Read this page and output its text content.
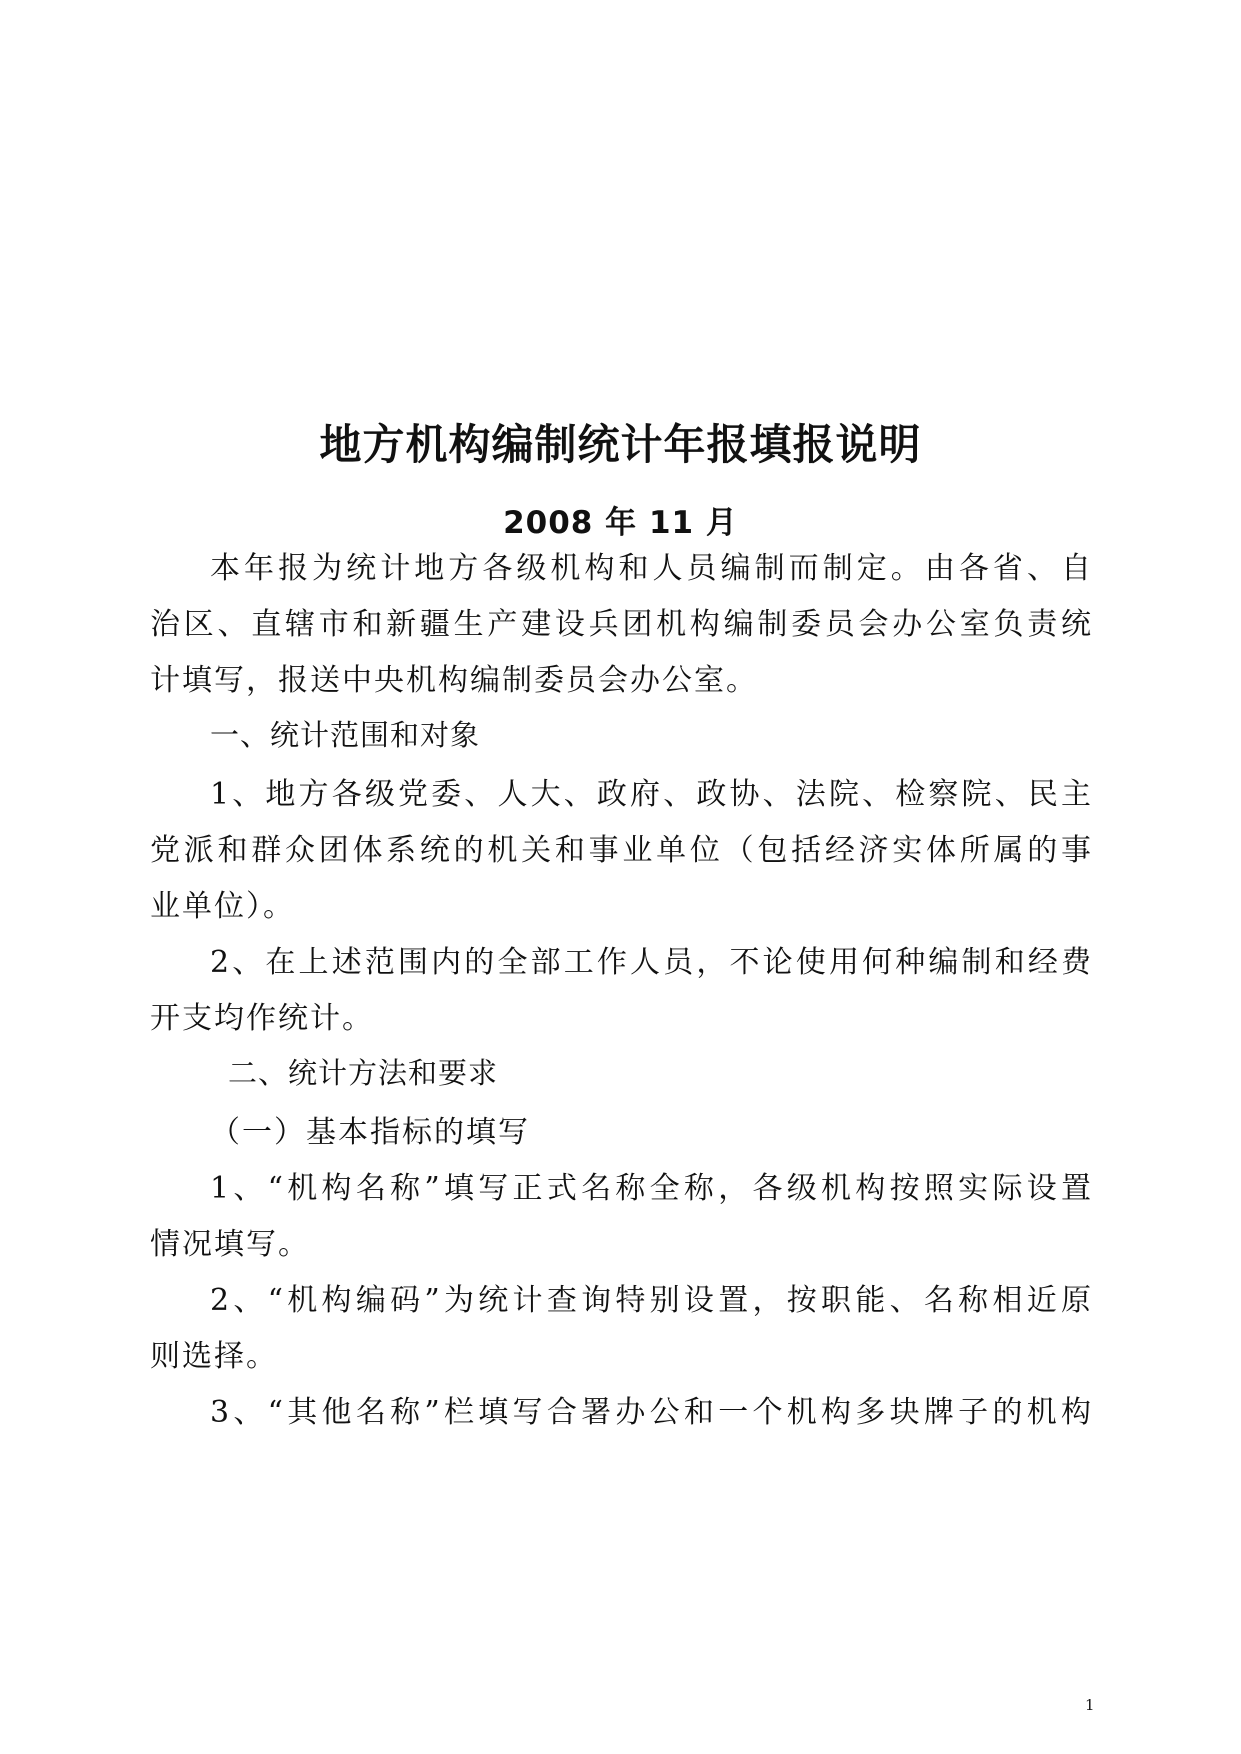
地方机构编制统计年报填报说明
2008 年 11 月
本年报为统计地方各级机构和人员编制而制定。由各省、自
治区、直辖市和新疆生产建设兵团机构编制委员会办公室负责统
计填写，报送中央机构编制委员会办公室。
一、统计范围和对象
1、地方各级党委、人大、政府、政协、法院、检察院、民主
党派和群众团体系统的机关和事业单位（包括经济实体所属的事
业单位）。
2、在上述范围内的全部工作人员，不论使用何种编制和经费
开支均作统计。
二、统计方法和要求
（一）基本指标的填写
1、“机构名称”填写正式名称全称，各级机构按照实际设置
情况填写。
2、“机构编码”为统计查询特别设置，按职能、名称相近原
则选择。
3、“其他名称”栏填写合署办公和一个机构多块牌子的机构
1
